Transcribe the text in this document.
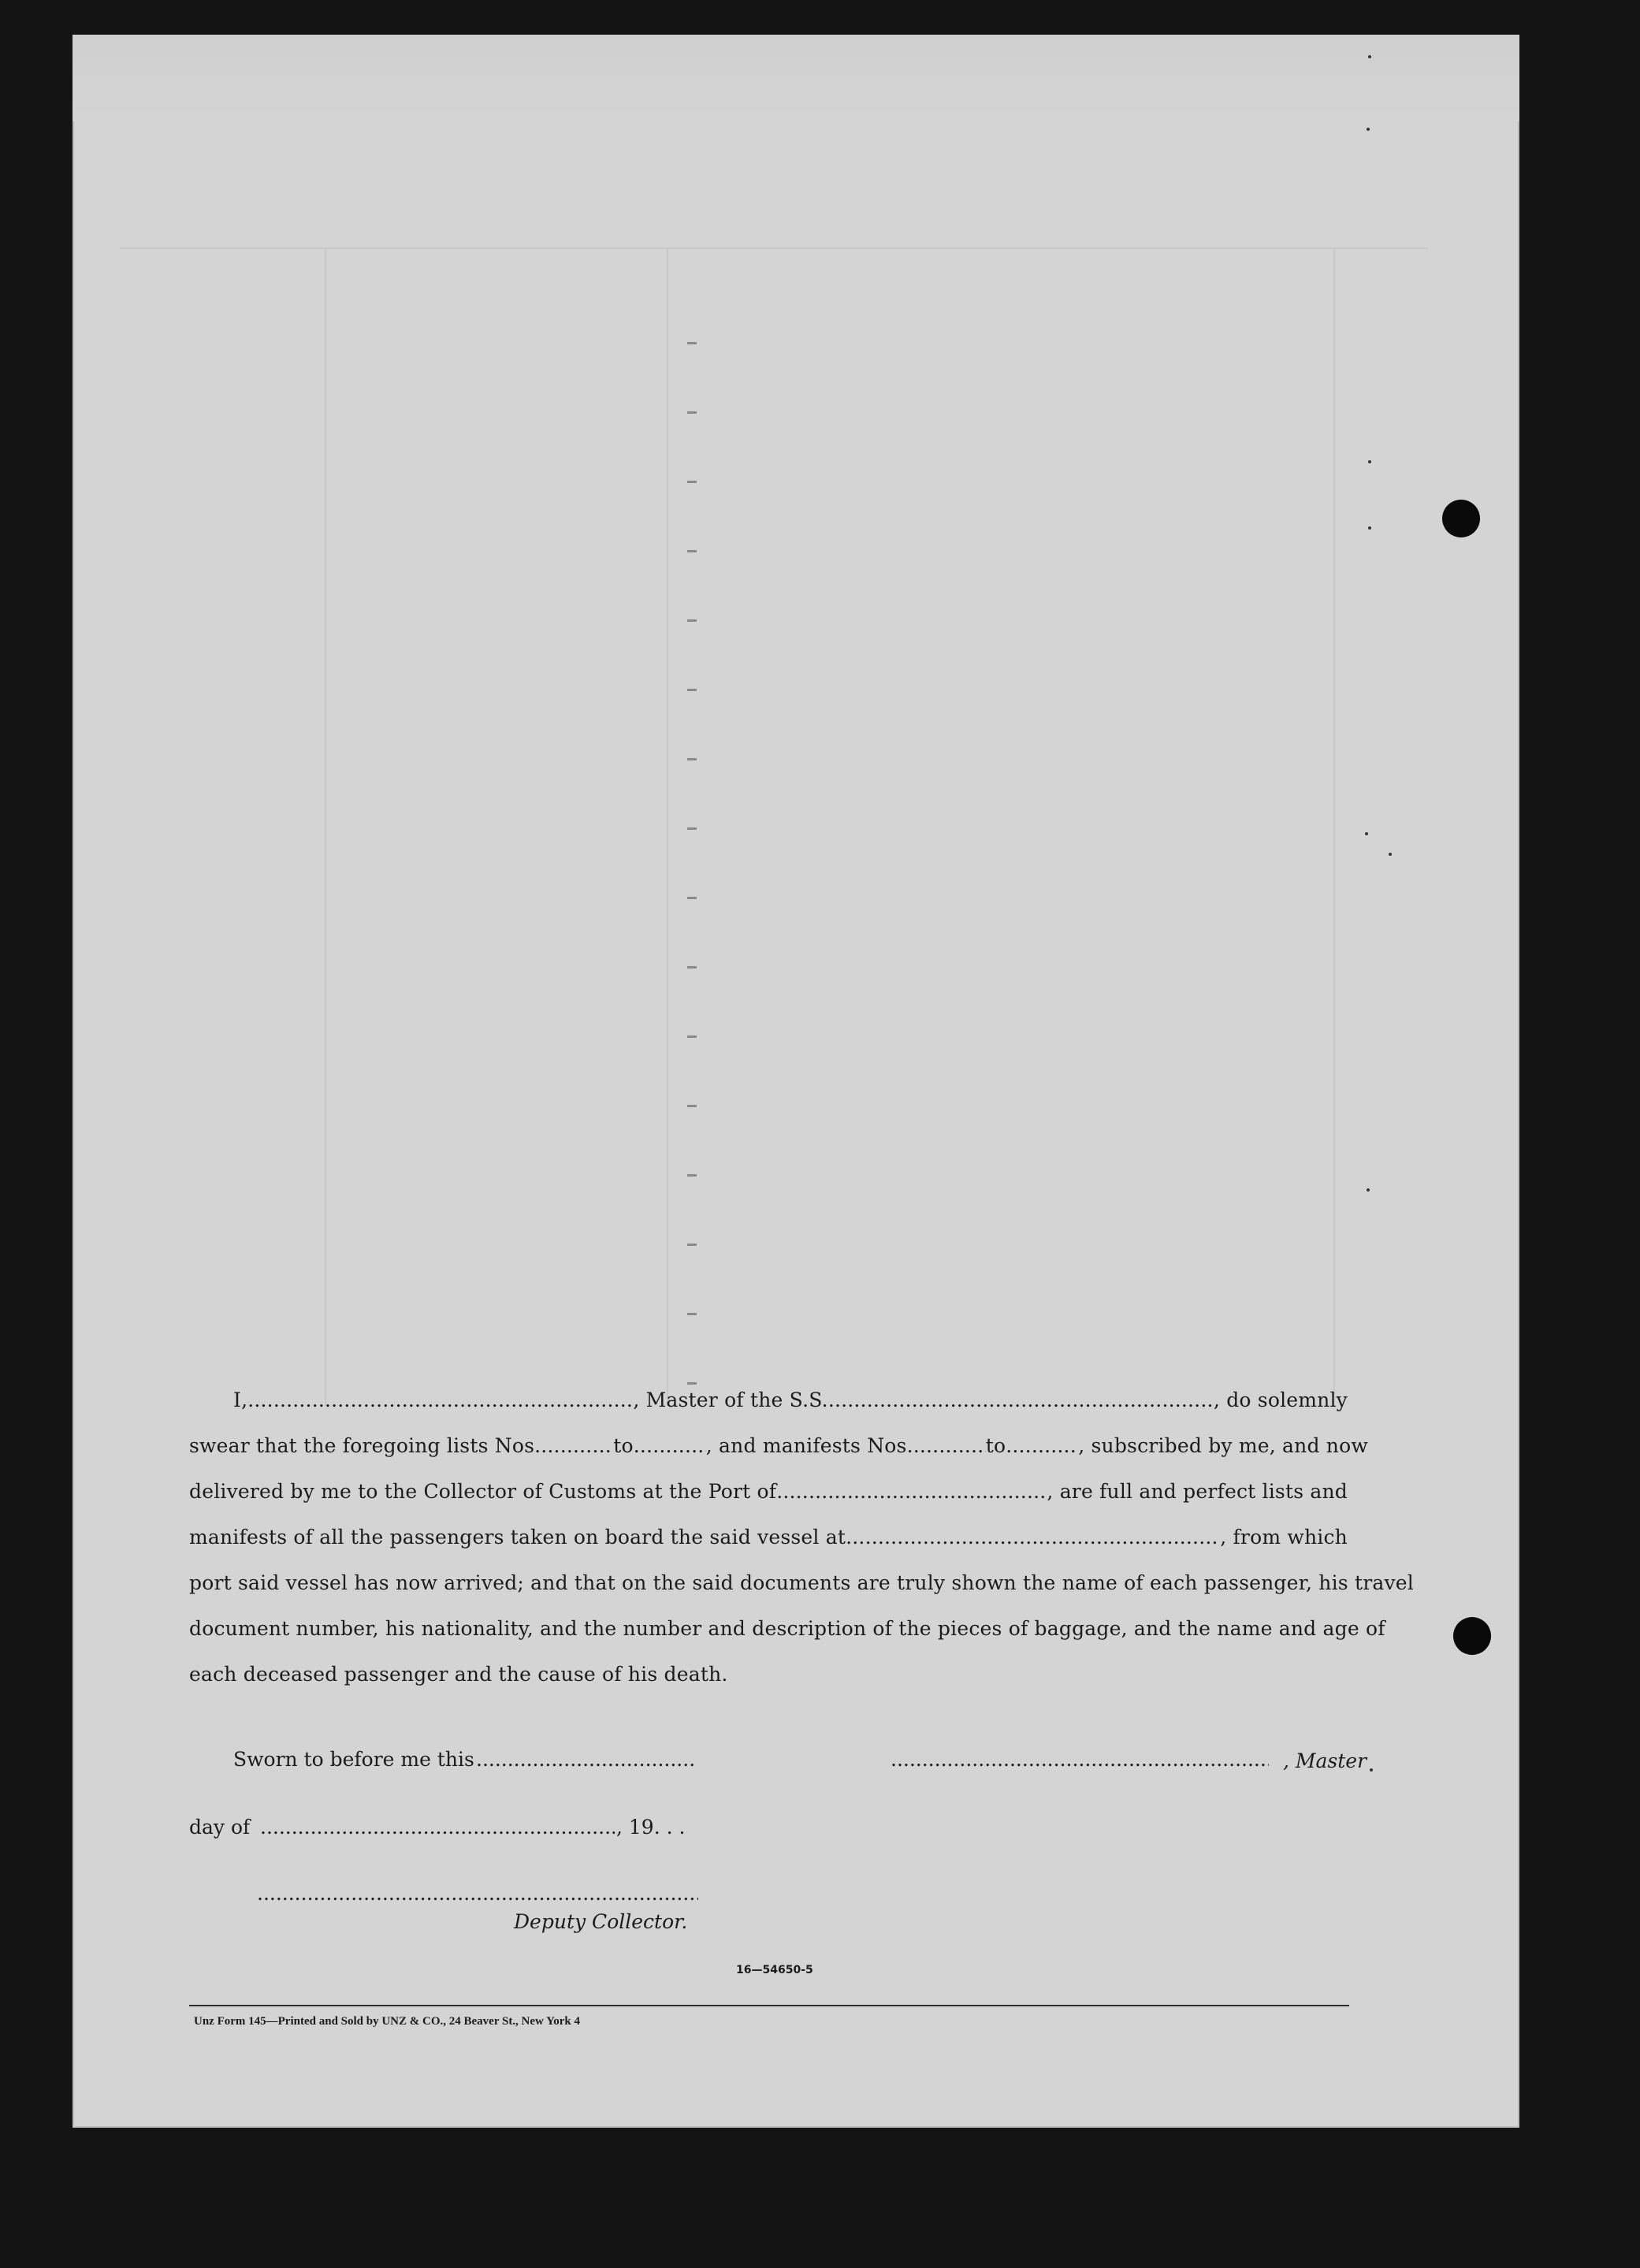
I, .....	, Master of the S.S. .....	, do solemnly
swear that the foregoing lists Nos. .....	to .....	, and manifests Nos. .....	to .....	, subscribed by me, and now
delivered by me to the Collector of Customs at the Port of .....	, are full and perfect lists and
manifests of all the passengers taken on board the said vessel at .....	, from which
port said vessel has now arrived; and that on the said documents are truly shown the name of each passenger, his travel
document number, his nationality, and the number and description of the pieces of baggage, and the name and age of
each deceased passenger and the cause of his death.
Sworn to before me this ..... .....	, Master
day of .....	, 19. . .
.....
Deputy Collector.
16—54650-5
Unz Form 145—Printed and Sold by UNZ & CO., 24 Beaver St., New York 4
